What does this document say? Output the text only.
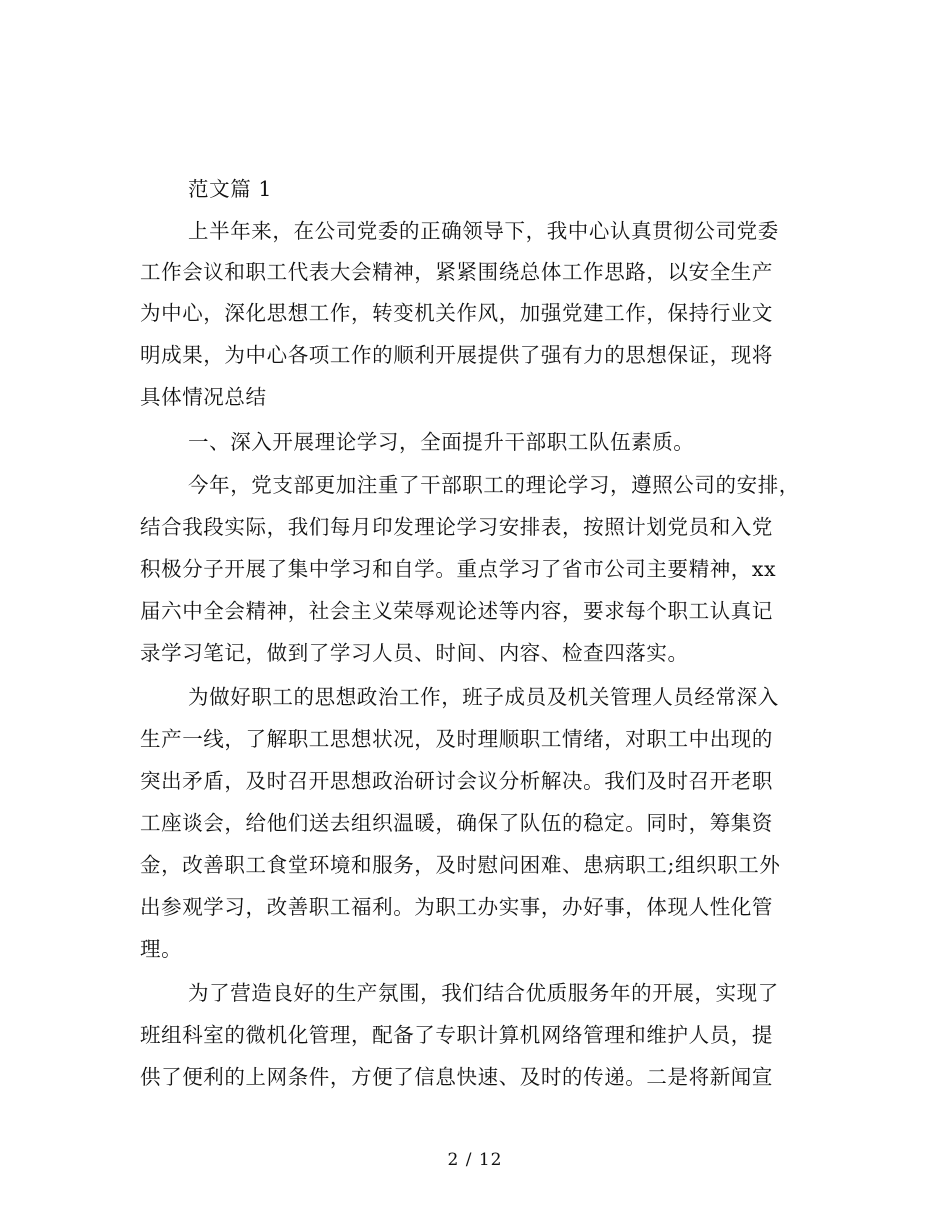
范文篇 1
上半年来，在公司党委的正确领导下，我中心认真贯彻公司党委
工作会议和职工代表大会精神，紧紧围绕总体工作思路，以安全生产
为中心，深化思想工作，转变机关作风，加强党建工作，保持行业文
明成果，为中心各项工作的顺利开展提供了强有力的思想保证，现将
具体情况总结
一、深入开展理论学习，全面提升干部职工队伍素质。
今年，党支部更加注重了干部职工的理论学习，遵照公司的安排，
结合我段实际，我们每月印发理论学习安排表，按照计划党员和入党
积极分子开展了集中学习和自学。重点学习了省市公司主要精神，xx
届六中全会精神，社会主义荣辱观论述等内容，要求每个职工认真记
录学习笔记，做到了学习人员、时间、内容、检查四落实。
为做好职工的思想政治工作，班子成员及机关管理人员经常深入
生产一线，了解职工思想状况，及时理顺职工情绪，对职工中出现的
突出矛盾，及时召开思想政治研讨会议分析解决。我们及时召开老职
工座谈会，给他们送去组织温暖，确保了队伍的稳定。同时，筹集资
金，改善职工食堂环境和服务，及时慰问困难、患病职工;组织职工外
出参观学习，改善职工福利。为职工办实事，办好事，体现人性化管
理。
为了营造良好的生产氛围，我们结合优质服务年的开展，实现了
班组科室的微机化管理，配备了专职计算机网络管理和维护人员，提
供了便利的上网条件，方便了信息快速、及时的传递。二是将新闻宣
2 / 12
